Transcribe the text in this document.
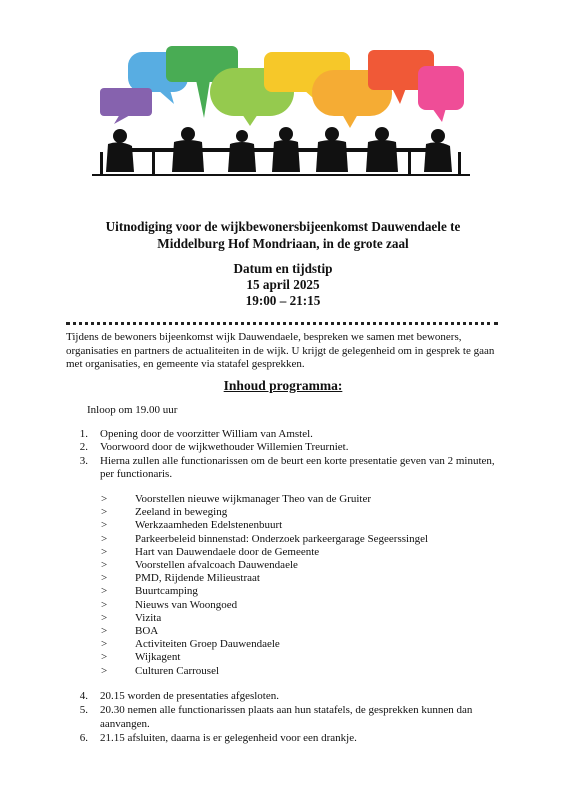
Uitnodiging voor de wijkbewonersbijeenkomst Dauwendaele te
Middelburg Hof Mondriaan, in de grote zaal
Datum en tijdstip
15 april 2025
19:00 – 21:15
Tijdens de bewoners bijeenkomst wijk Dauwendaele, bespreken we samen met bewoners, organisaties en partners de actualiteiten in de wijk. U krijgt de gelegenheid om in gesprek te gaan met organisaties, en gemeente via statafel gesprekken.
Inhoud programma:
Inloop om 19.00 uur
1.	Opening door de voorzitter William van Amstel.
2.	Voorwoord door de wijkwethouder Willemien Treurniet.
3.	Hierna zullen alle functionarissen om de beurt een korte presentatie geven van 2 minuten, per functionaris.
>	Voorstellen nieuwe wijkmanager Theo van de Gruiter
>	Zeeland in beweging
>	Werkzaamheden Edelstenenbuurt
>	Parkeerbeleid binnenstad: Onderzoek parkeergarage Segeerssingel
>	Hart van Dauwendaele door de Gemeente
>	Voorstellen afvalcoach Dauwendaele
>	PMD, Rijdende Milieustraat
>	Buurtcamping
>	Nieuws van Woongoed
>	Vizita
>	BOA
>	Activiteiten Groep Dauwendaele
>	Wijkagent
>	Culturen Carrousel
4.	20.15 worden de presentaties afgesloten.
5.	20.30 nemen alle functionarissen plaats aan hun statafels, de gesprekken kunnen dan aanvangen.
6.	21.15 afsluiten, daarna is er gelegenheid voor een drankje.
